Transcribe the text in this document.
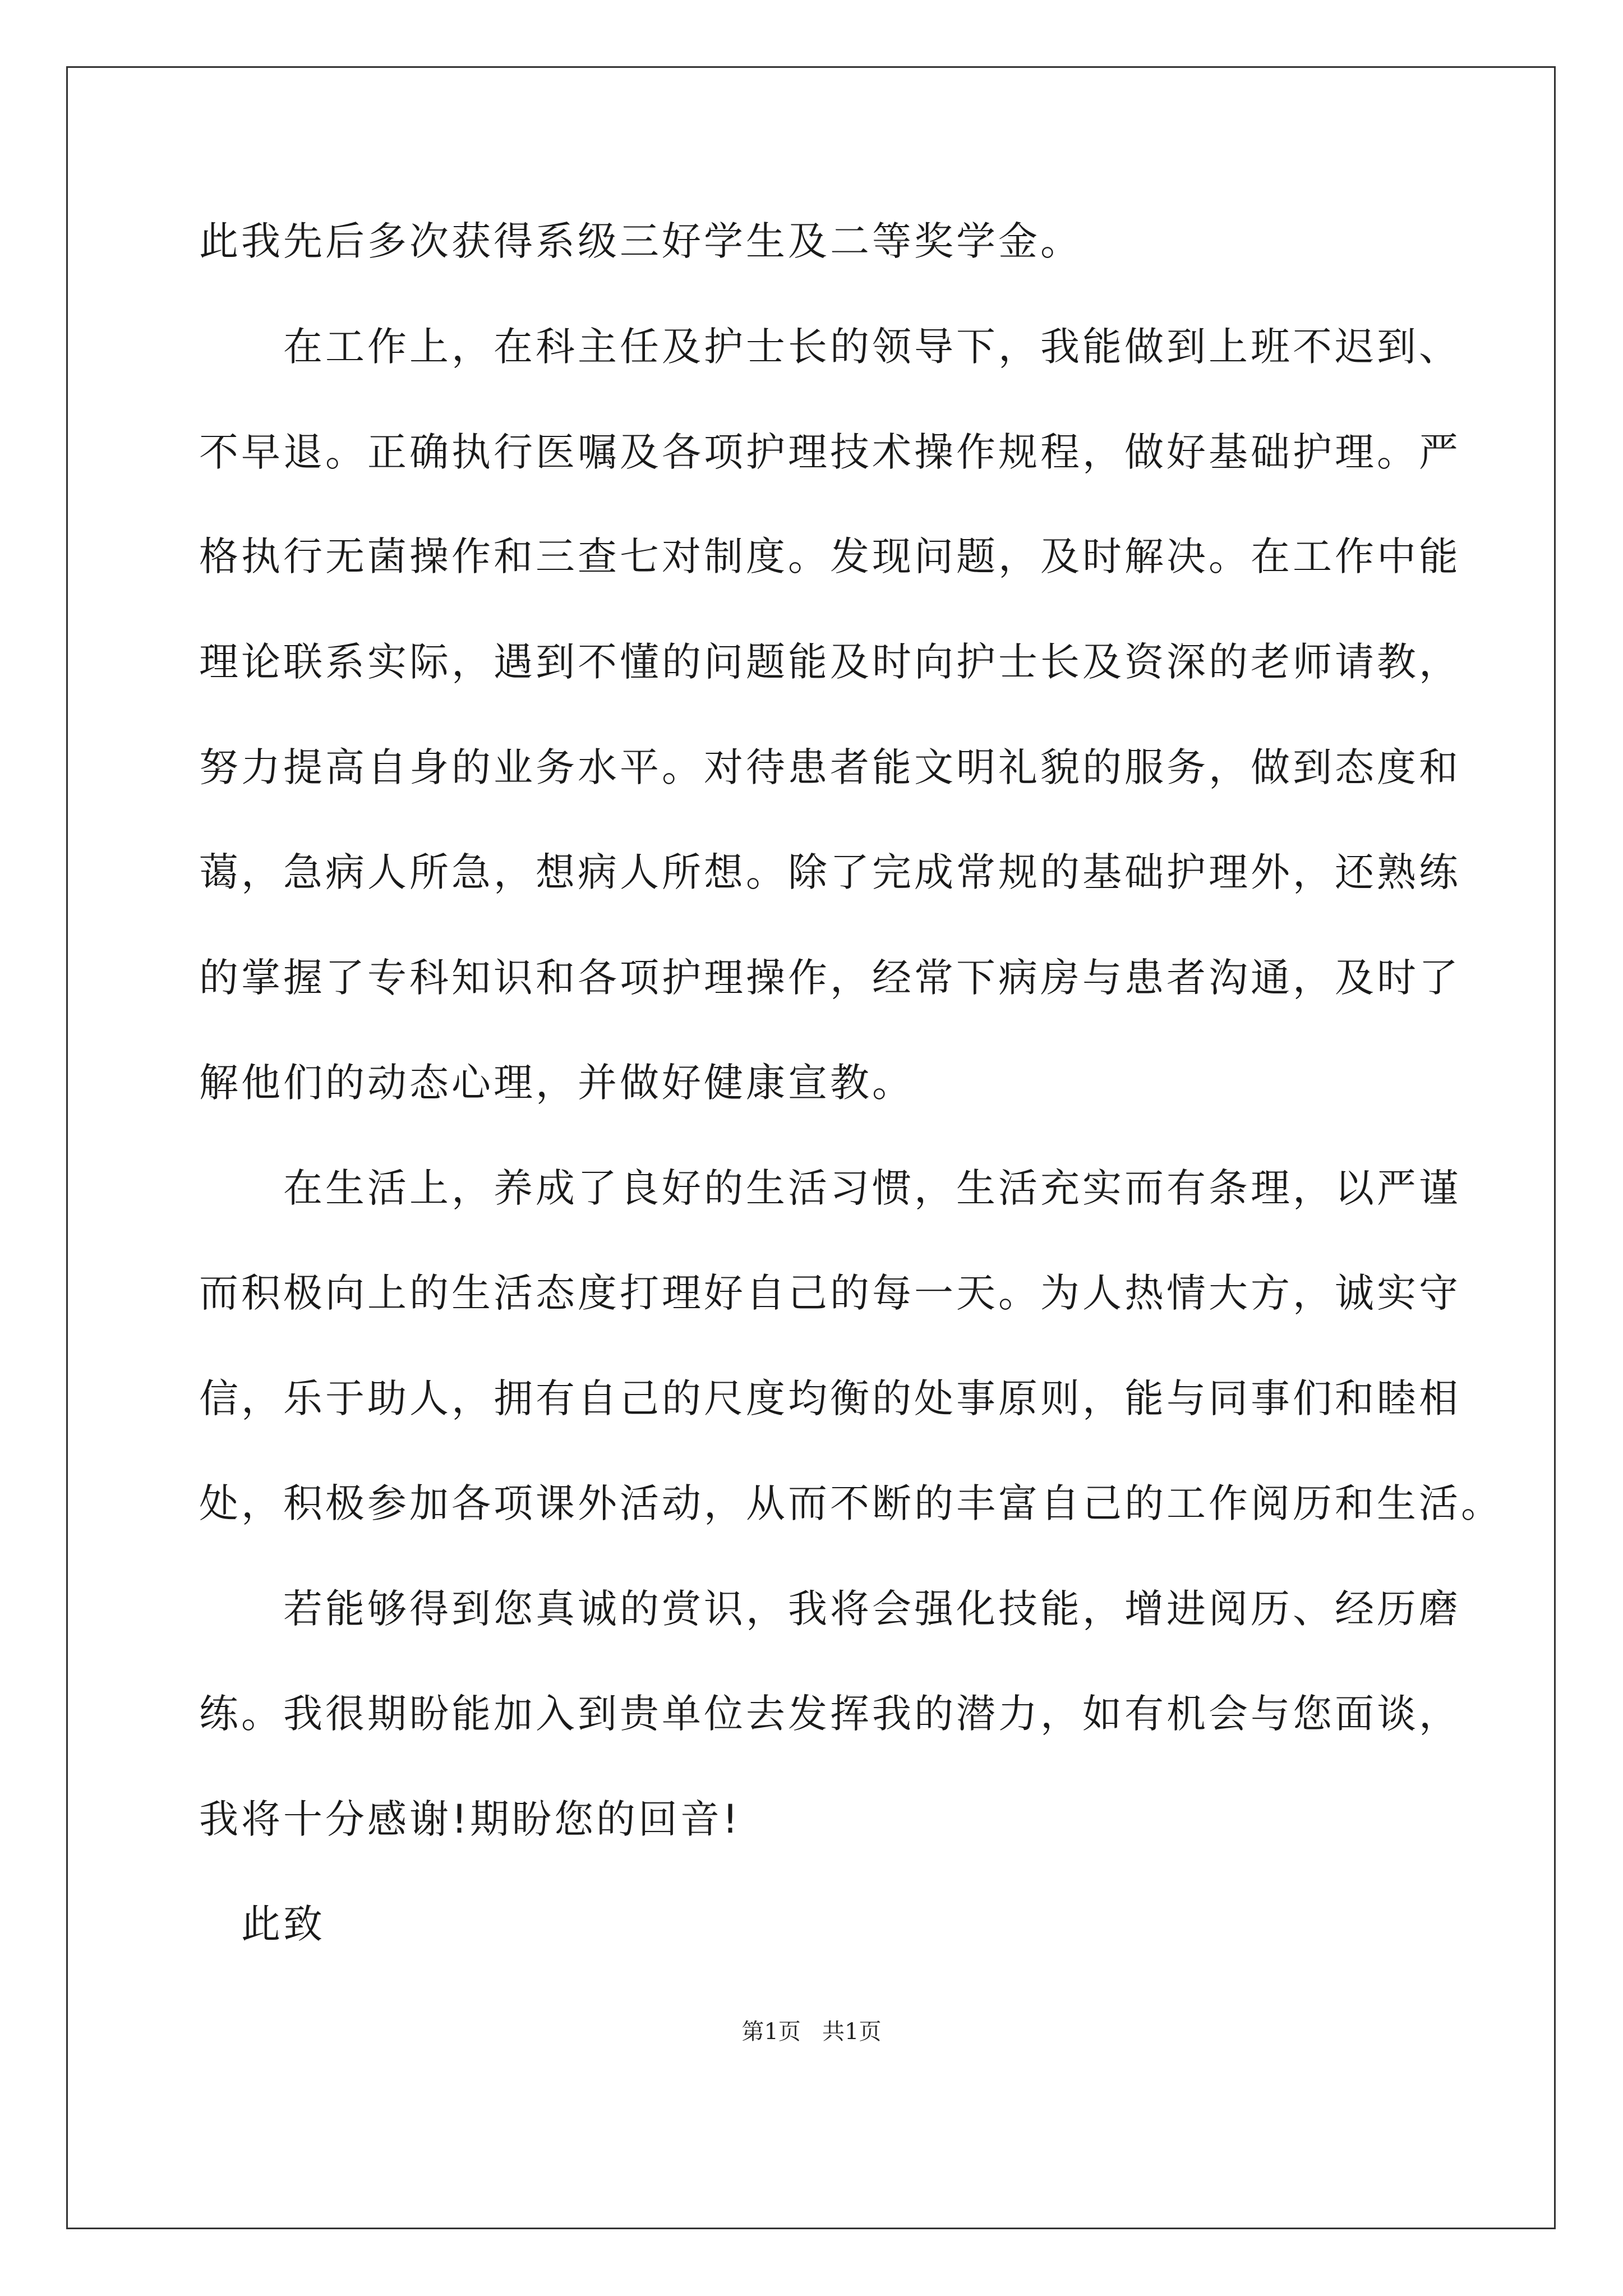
此我先后多次获得系级三好学生及二等奖学金。
在工作上，在科主任及护士长的领导下，我能做到上班不迟到、
不早退。正确执行医嘱及各项护理技术操作规程，做好基础护理。严
格执行无菌操作和三查七对制度。发现问题，及时解决。在工作中能
理论联系实际，遇到不懂的问题能及时向护士长及资深的老师请教，
努力提高自身的业务水平。对待患者能文明礼貌的服务，做到态度和
蔼，急病人所急，想病人所想。除了完成常规的基础护理外，还熟练
的掌握了专科知识和各项护理操作，经常下病房与患者沟通，及时了
解他们的动态心理，并做好健康宣教。
在生活上，养成了良好的生活习惯，生活充实而有条理，以严谨
而积极向上的生活态度打理好自己的每一天。为人热情大方，诚实守
信，乐于助人，拥有自己的尺度均衡的处事原则，能与同事们和睦相
处，积极参加各项课外活动，从而不断的丰富自己的工作阅历和生活。
若能够得到您真诚的赏识，我将会强化技能，增进阅历、经历磨
练。我很期盼能加入到贵单位去发挥我的潜力，如有机会与您面谈，
我将十分感谢!期盼您的回音!
此致
第1页   共1页
